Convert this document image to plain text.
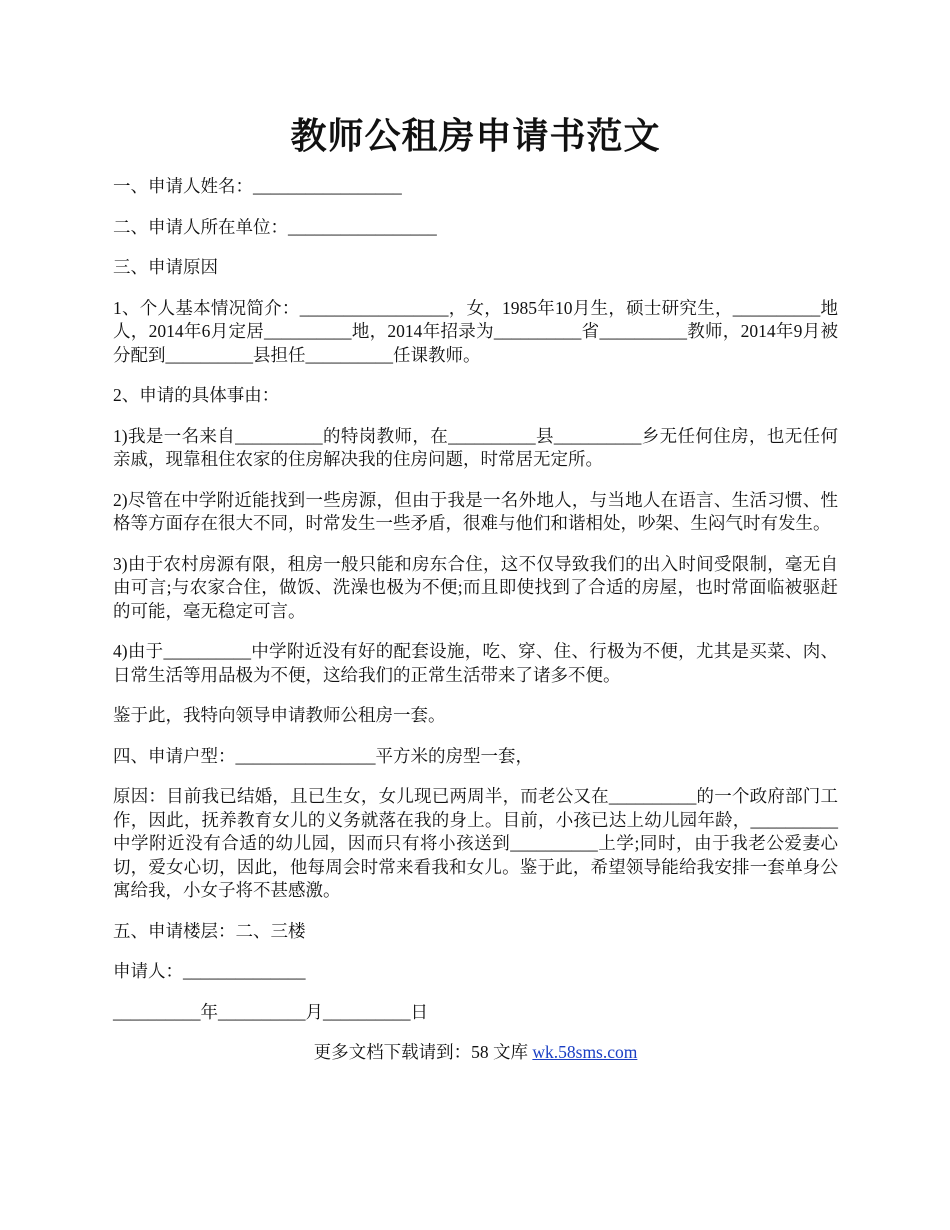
教师公租房申请书范文

一、申请人姓名：_________________

二、申请人所在单位：_________________

三、申请原因

1、个人基本情况简介：_________________，女，1985年10月生，硕士研究生，__________地人，2014年6月定居__________地，2014年招录为__________省__________教师，2014年9月被分配到__________县担任__________任课教师。

2、申请的具体事由：

1)我是一名来自__________的特岗教师，在__________县__________乡无任何住房，也无任何亲戚，现靠租住农家的住房解决我的住房问题，时常居无定所。

2)尽管在中学附近能找到一些房源，但由于我是一名外地人，与当地人在语言、生活习惯、性格等方面存在很大不同，时常发生一些矛盾，很难与他们和谐相处，吵架、生闷气时有发生。

3)由于农村房源有限，租房一般只能和房东合住，这不仅导致我们的出入时间受限制，毫无自由可言;与农家合住，做饭、洗澡也极为不便;而且即使找到了合适的房屋，也时常面临被驱赶的可能，毫无稳定可言。

4)由于__________中学附近没有好的配套设施，吃、穿、住、行极为不便，尤其是买菜、肉、日常生活等用品极为不便，这给我们的正常生活带来了诸多不便。

鉴于此，我特向领导申请教师公租房一套。

四、申请户型：________________平方米的房型一套，

原因：目前我已结婚，且已生女，女儿现已两周半，而老公又在__________的一个政府部门工作，因此，抚养教育女儿的义务就落在我的身上。目前，小孩已达上幼儿园年龄，__________中学附近没有合适的幼儿园，因而只有将小孩送到__________上学;同时，由于我老公爱妻心切，爱女心切，因此，他每周会时常来看我和女儿。鉴于此，希望领导能给我安排一套单身公寓给我，小女子将不甚感激。

五、申请楼层：二、三楼

申请人：______________

__________年__________月__________日

更多文档下载请到：58 文库 wk.58sms.com
